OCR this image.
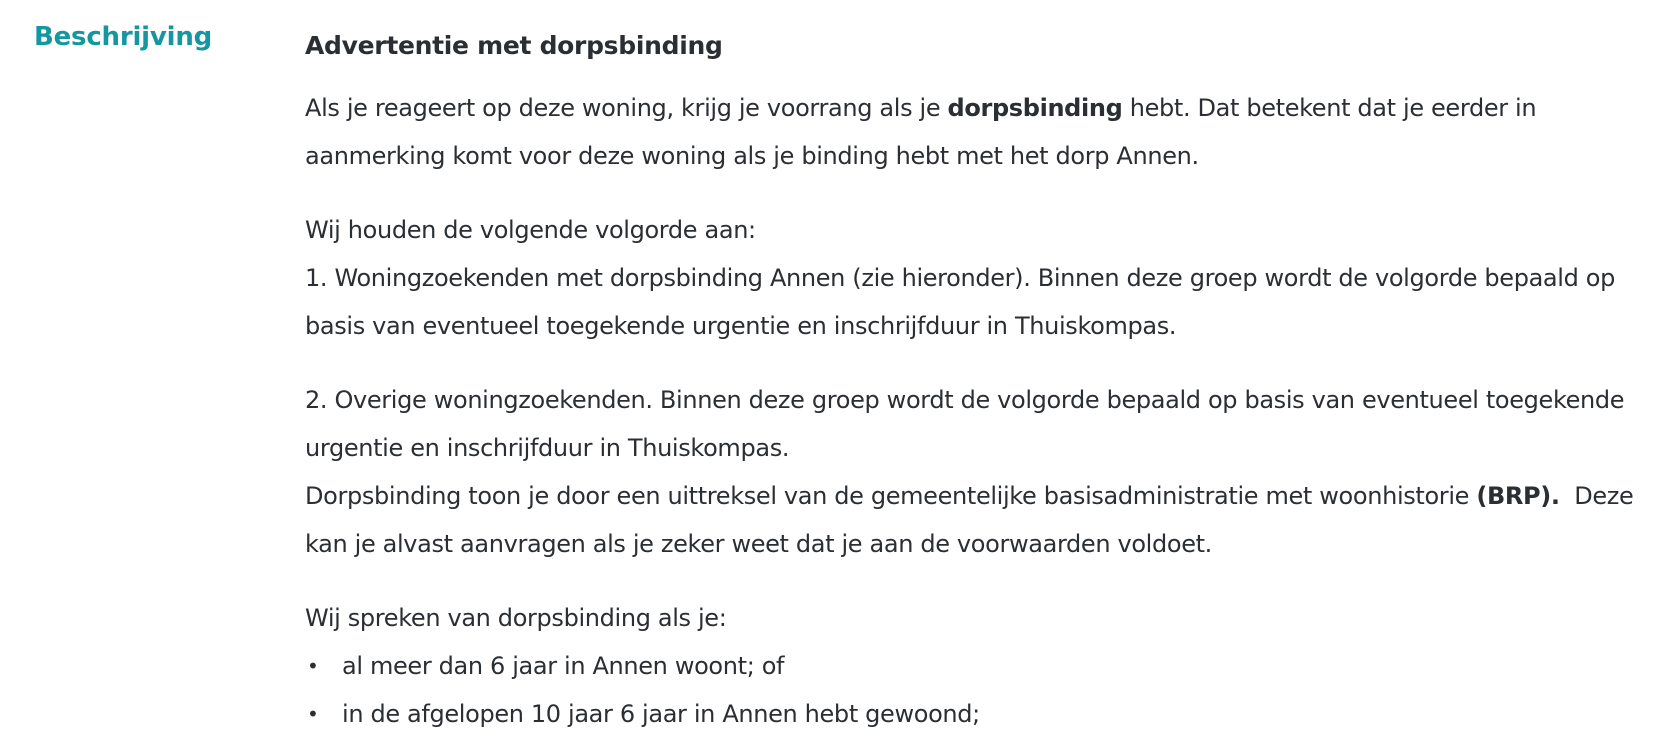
Beschrijving	Advertentie met dorpsbinding

Als je reageert op deze woning, krijg je voorrang als je dorpsbinding hebt. Dat betekent dat je eerder in aanmerking komt voor deze woning als je binding hebt met het dorp Annen.

Wij houden de volgende volgorde aan:
1. Woningzoekenden met dorpsbinding Annen (zie hieronder). Binnen deze groep wordt de volgorde bepaald op basis van eventueel toegekende urgentie en inschrijfduur in Thuiskompas.

2. Overige woningzoekenden. Binnen deze groep wordt de volgorde bepaald op basis van eventueel toegekende urgentie en inschrijfduur in Thuiskompas.
Dorpsbinding toon je door een uittreksel van de gemeentelijke basisadministratie met woonhistorie (BRP).  Deze kan je alvast aanvragen als je zeker weet dat je aan de voorwaarden voldoet.

Wij spreken van dorpsbinding als je:

• al meer dan 6 jaar in Annen woont; of
• in de afgelopen 10 jaar 6 jaar in Annen hebt gewoond;
